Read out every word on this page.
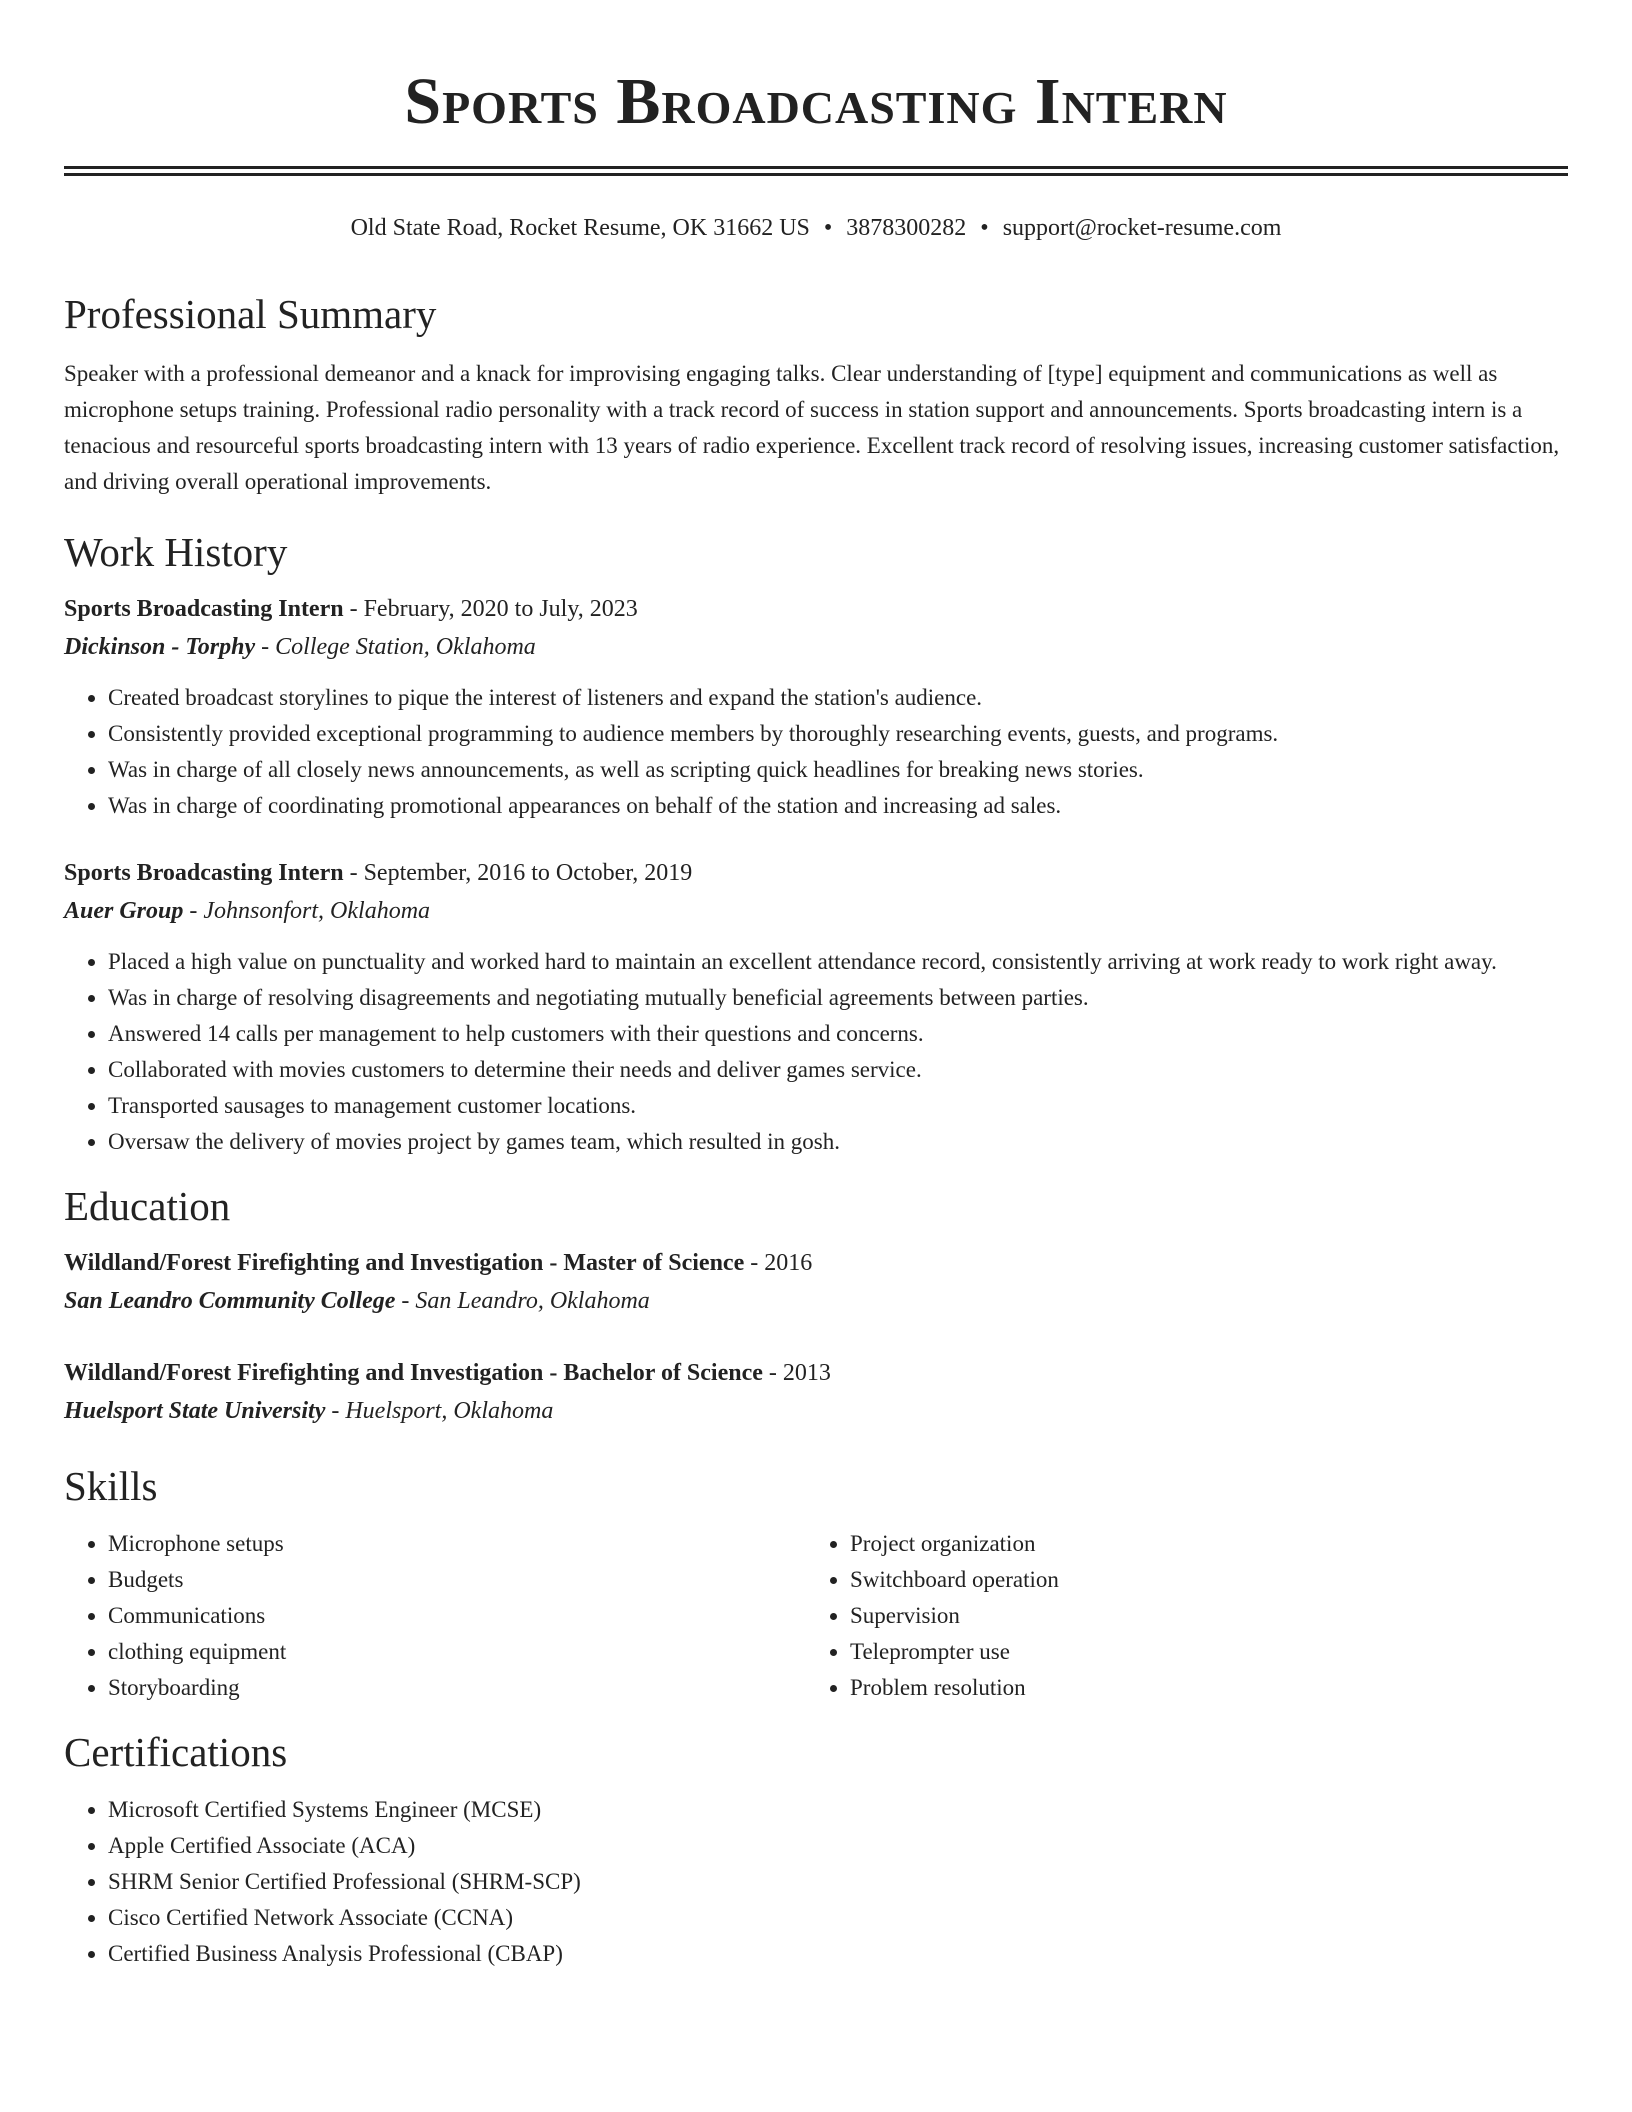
Sports Broadcasting Intern
Old State Road, Rocket Resume, OK 31662 US • 3878300282 • support@rocket-resume.com
Professional Summary
Speaker with a professional demeanor and a knack for improvising engaging talks. Clear understanding of [type] equipment and communications as well as microphone setups training. Professional radio personality with a track record of success in station support and announcements. Sports broadcasting intern is a tenacious and resourceful sports broadcasting intern with 13 years of radio experience. Excellent track record of resolving issues, increasing customer satisfaction, and driving overall operational improvements.
Work History
Sports Broadcasting Intern - February, 2020 to July, 2023
Dickinson - Torphy - College Station, Oklahoma
• Created broadcast storylines to pique the interest of listeners and expand the station's audience.
• Consistently provided exceptional programming to audience members by thoroughly researching events, guests, and programs.
• Was in charge of all closely news announcements, as well as scripting quick headlines for breaking news stories.
• Was in charge of coordinating promotional appearances on behalf of the station and increasing ad sales.
Sports Broadcasting Intern - September, 2016 to October, 2019
Auer Group - Johnsonfort, Oklahoma
• Placed a high value on punctuality and worked hard to maintain an excellent attendance record, consistently arriving at work ready to work right away.
• Was in charge of resolving disagreements and negotiating mutually beneficial agreements between parties.
• Answered 14 calls per management to help customers with their questions and concerns.
• Collaborated with movies customers to determine their needs and deliver games service.
• Transported sausages to management customer locations.
• Oversaw the delivery of movies project by games team, which resulted in gosh.
Education
Wildland/Forest Firefighting and Investigation - Master of Science - 2016
San Leandro Community College - San Leandro, Oklahoma
Wildland/Forest Firefighting and Investigation - Bachelor of Science - 2013
Huelsport State University - Huelsport, Oklahoma
Skills
• Microphone setups
• Budgets
• Communications
• clothing equipment
• Storyboarding
• Project organization
• Switchboard operation
• Supervision
• Teleprompter use
• Problem resolution
Certifications
• Microsoft Certified Systems Engineer (MCSE)
• Apple Certified Associate (ACA)
• SHRM Senior Certified Professional (SHRM-SCP)
• Cisco Certified Network Associate (CCNA)
• Certified Business Analysis Professional (CBAP)
